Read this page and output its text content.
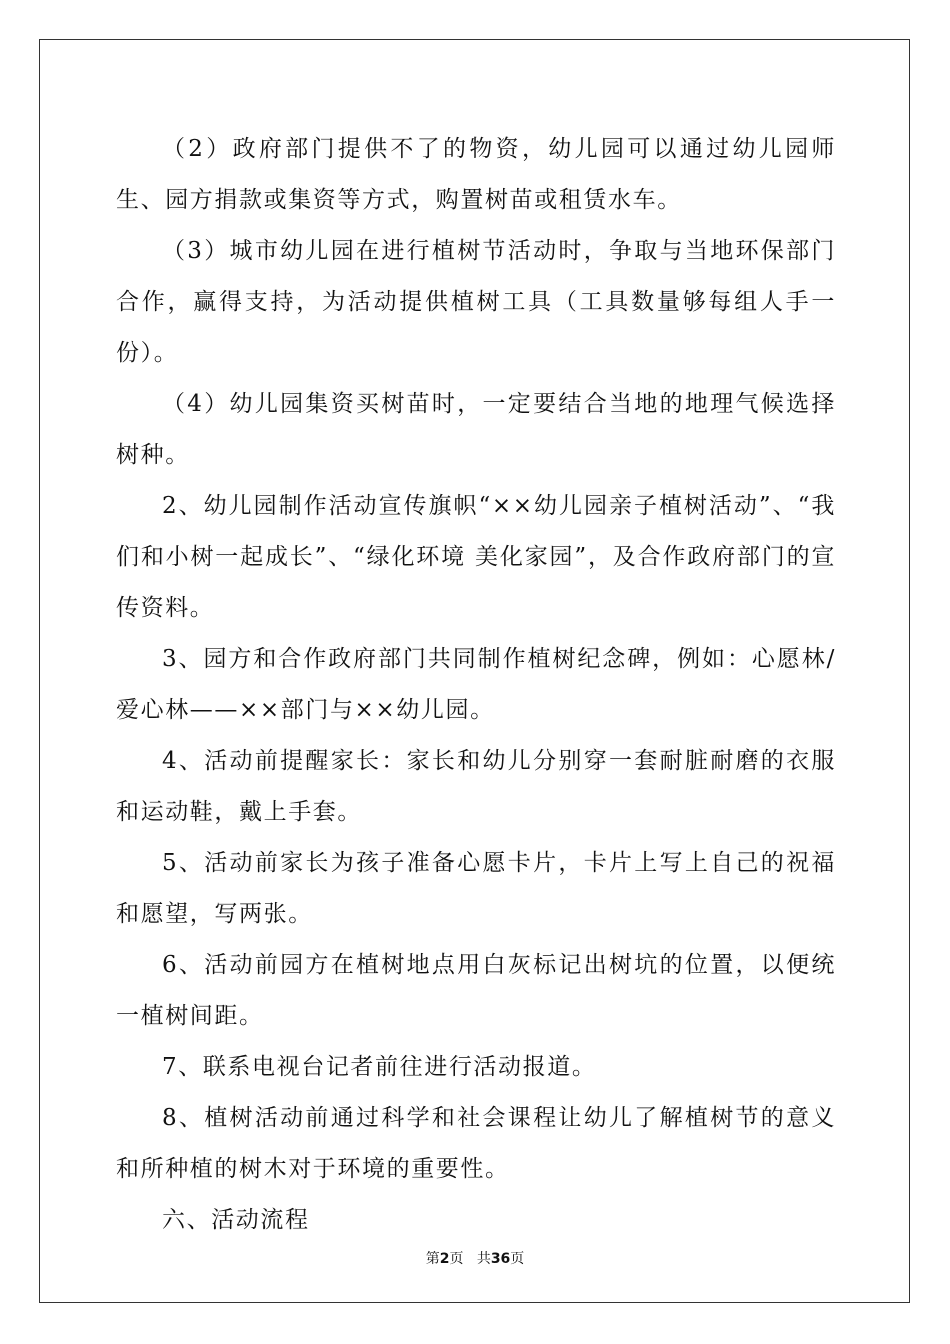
（2）政府部门提供不了的物资，幼儿园可以通过幼儿园师生、园方捐款或集资等方式，购置树苗或租赁水车。

（3）城市幼儿园在进行植树节活动时，争取与当地环保部门合作，赢得支持，为活动提供植树工具（工具数量够每组人手一份）。

（4）幼儿园集资买树苗时，一定要结合当地的地理气候选择树种。

2、幼儿园制作活动宣传旗帜“××幼儿园亲子植树活动”、“我们和小树一起成长”、“绿化环境 美化家园”，及合作政府部门的宣传资料。

3、园方和合作政府部门共同制作植树纪念碑，例如：心愿林/爱心林——××部门与××幼儿园。

4、活动前提醒家长：家长和幼儿分别穿一套耐脏耐磨的衣服和运动鞋，戴上手套。

5、活动前家长为孩子准备心愿卡片，卡片上写上自己的祝福和愿望，写两张。

6、活动前园方在植树地点用白灰标记出树坑的位置，以便统一植树间距。

7、联系电视台记者前往进行活动报道。

8、植树活动前通过科学和社会课程让幼儿了解植树节的意义和所种植的树木对于环境的重要性。

六、活动流程

第2页 共36页
